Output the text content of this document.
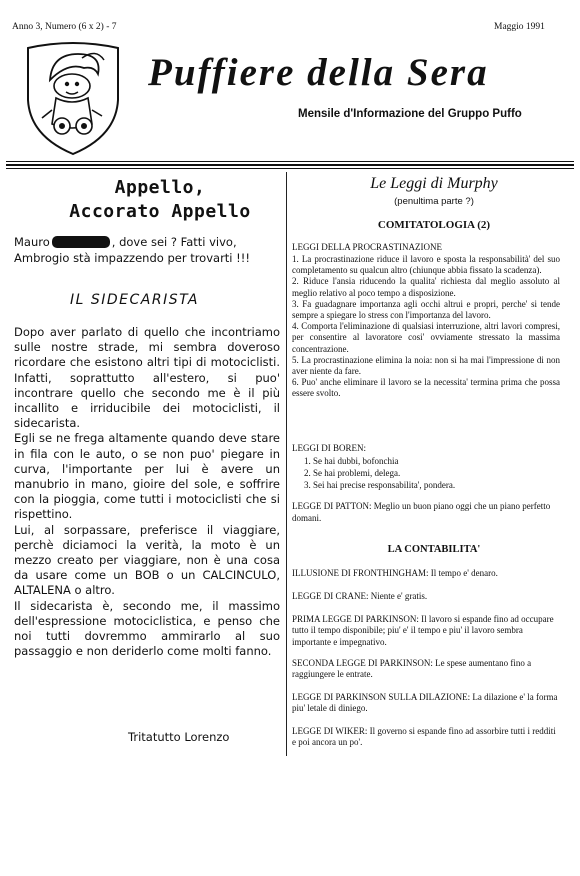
Anno 3, Numero (6 x 2) - 7	Maggio 1991
Puffiere della Sera
Mensile d'Informazione del Gruppo Puffo
Appello,
Accorato Appello
Mauro	, dove sei ? Fatti vivo,
Ambrogio stà impazzendo per trovarti !!!
IL SIDECARISTA

Dopo aver parlato di quello che incontriamo sulle nostre strade, mi sembra doveroso ricordare che esistono altri tipi di motociclisti. Infatti, soprattutto all'estero, si puo' incontrare quello che secondo me è il più incallito e irriducibile dei motociclisti, il sidecarista.

Egli se ne frega altamente quando deve stare in fila con le auto, o se non puo' piegare in curva, l'importante per lui è avere un manubrio in mano, gioire del sole, e soffrire con la pioggia, come tutti i motociclisti che si rispettino.

Lui, al sorpassare, preferisce il viaggiare, perchè diciamoci la verità, la moto è un mezzo creato per viaggiare, non è una cosa da usare come un BOB o un CALCINCULO, ALTALENA o altro.

Il sidecarista è, secondo me, il massimo dell'espressione motociclistica, e penso che noi tutti dovremmo ammirarlo al suo passaggio e non deriderlo come molti fanno.

Tritatutto Lorenzo
Le Leggi di Murphy
(penultima parte ?)
COMITATOLOGIA (2)
LEGGI DELLA PROCRASTINAZIONE
1. La procrastinazione riduce il lavoro e sposta la responsabilità' del suo completamento su qualcun altro (chiunque abbia fissato la scadenza).
2. Riduce l'ansia riducendo la qualita' richiesta dal meglio assoluto al meglio relativo al poco tempo a disposizione.
3. Fa guadagnare importanza agli occhi altrui e propri, perche' si tende sempre a spiegare lo stress con l'importanza del lavoro.
4. Comporta l'eliminazione di qualsiasi interruzione, altri lavori compresi, per consentire al lavoratore cosi' ovviamente stressato la massima concentrazione.
5. La procrastinazione elimina la noia: non si ha mai l'impressione di non aver niente da fare.
6. Puo' anche eliminare il lavoro se la necessita' termina prima che possa essere svolto.
LEGGI DI BOREN:
1. Se hai dubbi, bofonchia
2. Se hai problemi, delega.
3. Sei hai precise responsabilita', pondera.
LEGGE DI PATTON: Meglio un buon piano oggi che un piano perfetto domani.
LA CONTABILITA'
ILLUSIONE DI FRONTHINGHAM: Il tempo e' denaro.
LEGGE DI CRANE: Niente e' gratis.
PRIMA LEGGE DI PARKINSON: Il lavoro si espande fino ad occupare tutto il tempo disponibile; piu' e' il tempo e piu' il lavoro sembra importante e impegnativo.
SECONDA LEGGE DI PARKINSON: Le spese aumentano fino a raggiungere le entrate.
LEGGE DI PARKINSON SULLA DILAZIONE: La dilazione e' la forma piu' letale di diniego.
LEGGE DI WIKER: Il governo si espande fino ad assorbire tutti i redditi e poi ancora un po'.
